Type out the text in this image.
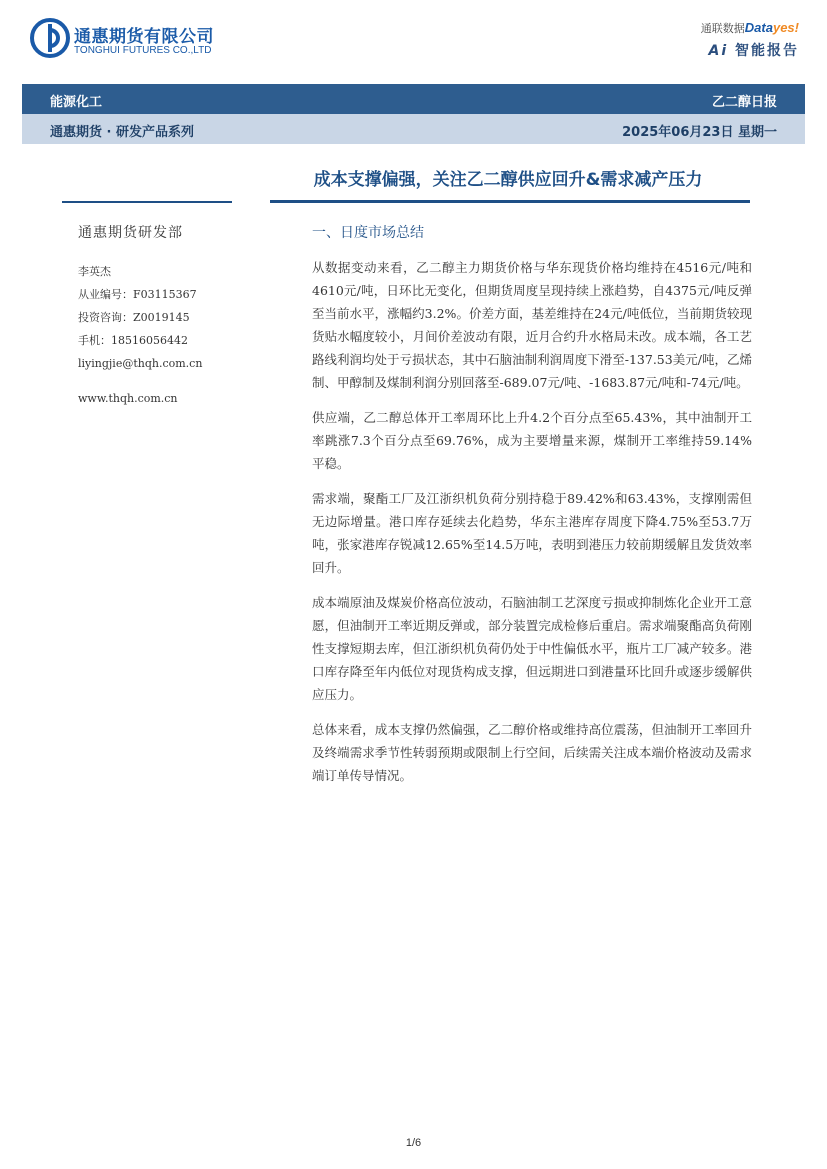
通惠期货有限公司
TONGHUI FUTURES CO.,LTD
通联数据Datayes!
Ai 智能报告
能源化工	乙二醇日报
通惠期货 · 研发产品系列	2025年06月23日 星期一
成本支撑偏强，关注乙二醇供应回升&需求减产压力
通惠期货研发部
李英杰
从业编号：F03115367
投资咨询：Z0019145
手机：18516056442
liyingjie@thqh.com.cn
www.thqh.com.cn
一、日度市场总结

从数据变动来看，乙二醇主力期货价格与华东现货价格均维持在4516元/吨和4610元/吨，日环比无变化，但期货周度呈现持续上涨趋势，自4375元/吨反弹至当前水平，涨幅约3.2%。价差方面，基差维持在24元/吨低位，当前期货较现货贴水幅度较小，月间价差波动有限，近月合约升水格局未改。成本端，各工艺路线利润均处于亏损状态，其中石脑油制利润周度下滑至-137.53美元/吨，乙烯制、甲醇制及煤制利润分别回落至-689.07元/吨、-1683.87元/吨和-74元/吨。

供应端，乙二醇总体开工率周环比上升4.2个百分点至65.43%，其中油制开工率跳涨7.3个百分点至69.76%，成为主要增量来源，煤制开工率维持59.14%平稳。

需求端，聚酯工厂及江浙织机负荷分别持稳于89.42%和63.43%，支撑刚需但无边际增量。港口库存延续去化趋势，华东主港库存周度下降4.75%至53.7万吨，张家港库存锐减12.65%至14.5万吨，表明到港压力较前期缓解且发货效率回升。

成本端原油及煤炭价格高位波动，石脑油制工艺深度亏损或抑制炼化企业开工意愿，但油制开工率近期反弹或，部分装置完成检修后重启。需求端聚酯高负荷刚性支撑短期去库，但江浙织机负荷仍处于中性偏低水平，瓶片工厂减产较多。港口库存降至年内低位对现货构成支撑，但远期进口到港量环比回升或逐步缓解供应压力。

总体来看，成本支撑仍然偏强，乙二醇价格或维持高位震荡，但油制开工率回升及终端需求季节性转弱预期或限制上行空间，后续需关注成本端价格波动及需求端订单传导情况。

1/6
